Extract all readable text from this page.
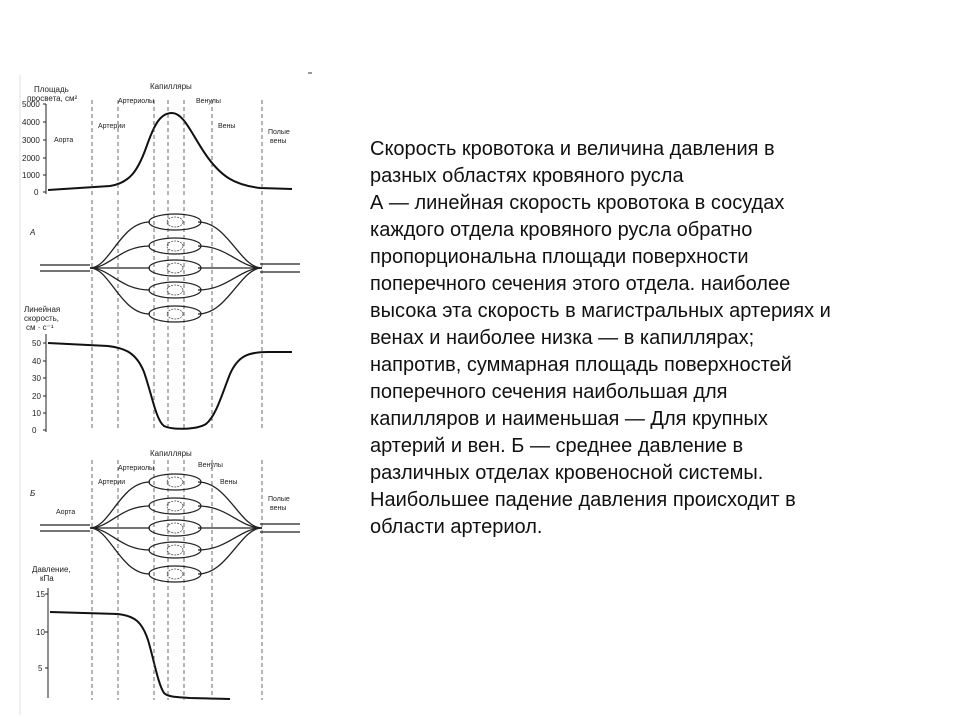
Площадь
просвета, см²
Капилляры
Артериолы	Венулы
Артерии	Вены
Аорта
Полые
вены
5000
4000
3000
2000
1000
0
Давление,
кПа
15
10
5
А
Б
Капилляры
Артериолы	Венулы
Артерии	Вены
Аорта
Полые
вены
Линейная
скорость,
см · с⁻¹
50
40
30
20
10
0
Скорость кровотока и величина давления в
разных областях кровяного русла
А — линейная скорость кровотока в сосудах
каждого отдела кровяного русла обратно
пропорциональна площади поверхности
поперечного сечения этого отдела. наиболее
высока эта скорость в магистральных артериях и
венах и наиболее низка — в капиллярах;
напротив, суммарная площадь поверхностей
поперечного сечения наибольшая для
капилляров и наименьшая — Для крупных
артерий и вен. Б — среднее давление в
различных отделах кровеносной системы.
Наибольшее падение давления происходит в
области артериол.
